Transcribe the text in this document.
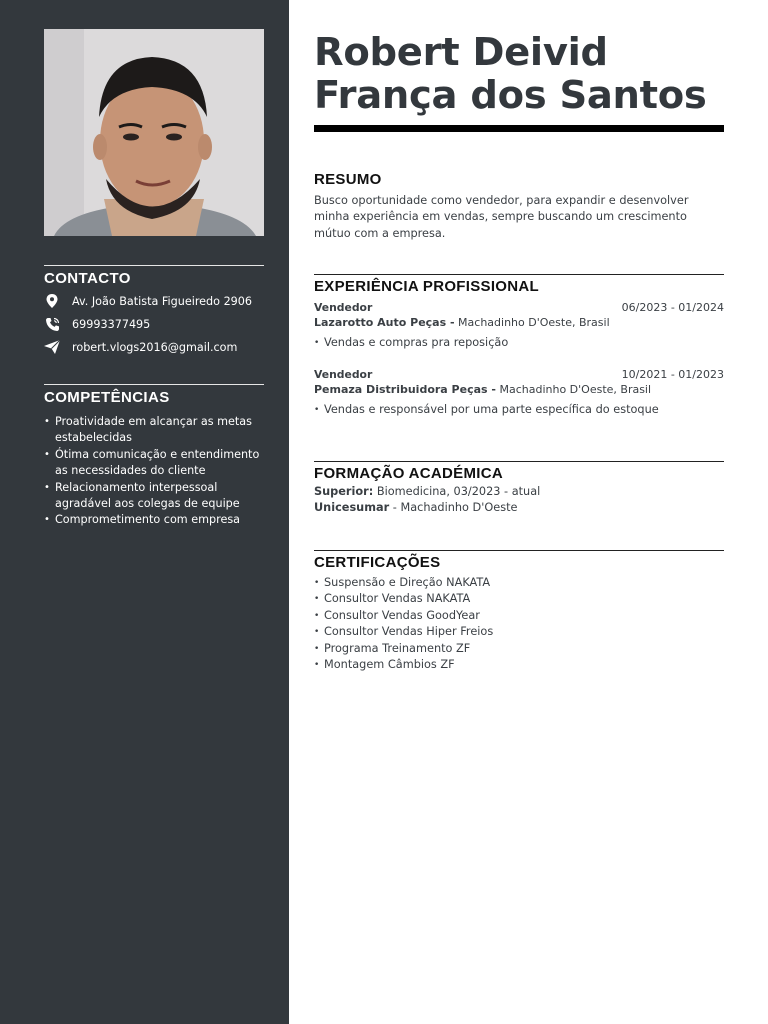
CONTACTO
Av. João Batista Figueiredo 2906
69993377495
robert.vlogs2016@gmail.com
COMPETÊNCIAS
• Proatividade em alcançar as metas estabelecidas
• Ótima comunicação e entendimento as necessidades do cliente
• Relacionamento interpessoal agradável aos colegas de equipe
• Comprometimento com empresa
Robert Deivid
França dos Santos
RESUMO
Busco oportunidade como vendedor, para expandir e desenvolver minha experiência em vendas, sempre buscando um crescimento mútuo com a empresa.
EXPERIÊNCIA PROFISSIONAL
Vendedor	06/2023 - 01/2024
Lazarotto Auto Peças - Machadinho D'Oeste, Brasil
• Vendas e compras pra reposição
Vendedor	10/2021 - 01/2023
Pemaza Distribuidora Peças - Machadinho D'Oeste, Brasil
• Vendas e responsável por uma parte específica do estoque
FORMAÇÃO ACADÉMICA
Superior: Biomedicina, 03/2023 - atual
Unicesumar - Machadinho D'Oeste
CERTIFICAÇÕES
• Suspensão e Direção NAKATA
• Consultor Vendas NAKATA
• Consultor Vendas GoodYear
• Consultor Vendas Hiper Freios
• Programa Treinamento ZF
• Montagem Câmbios ZF
